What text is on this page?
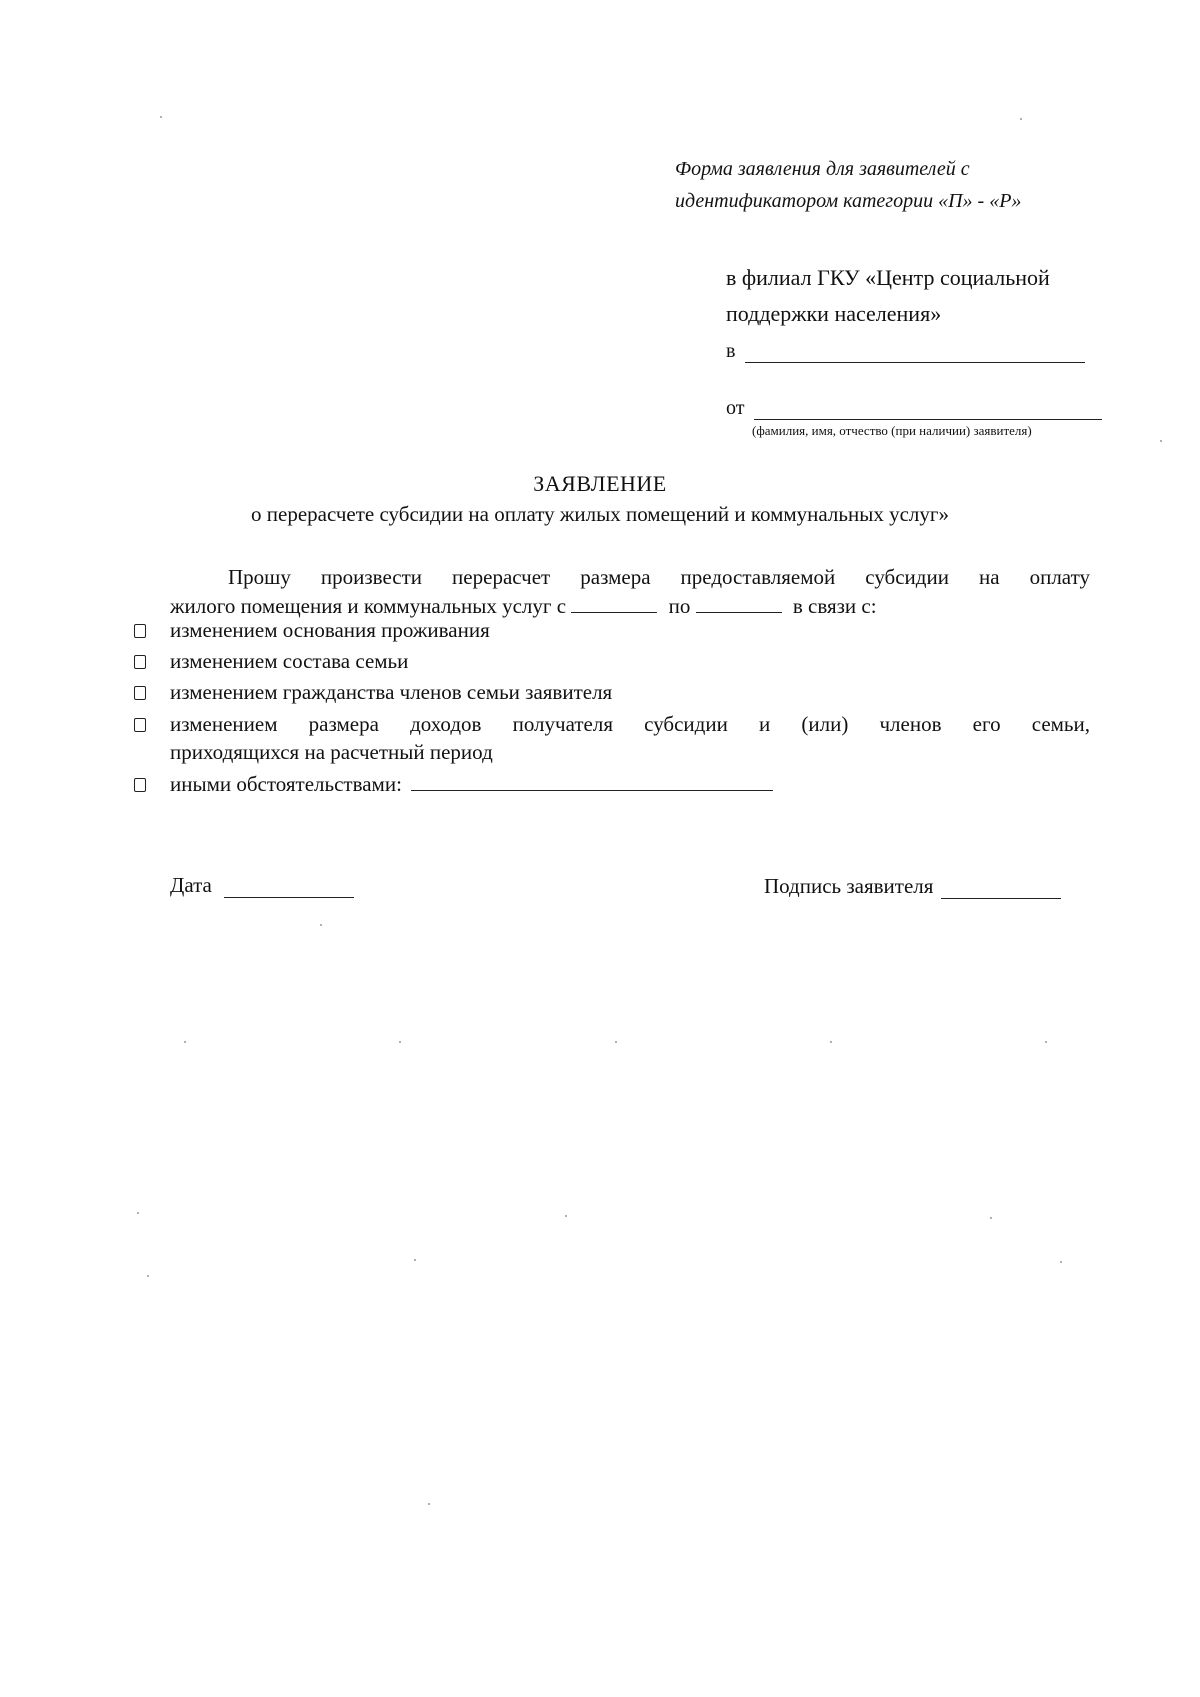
Форма заявления для заявителей с
идентификатором категории «П» - «Р»
в филиал ГКУ «Центр социальной
поддержки населения»
в
от
(фамилия, имя, отчество (при наличии) заявителя)
ЗАЯВЛЕНИЕ
о перерасчете субсидии на оплату жилых помещений и коммунальных услуг»
Прошу произвести перерасчет размера предоставляемой субсидии на оплату
жилого помещения и коммунальных услуг с	по	в связи с:
изменением основания проживания
изменением состава семьи
изменением гражданства членов семьи заявителя
изменением размера доходов получателя субсидии и (или) членов его семьи,
приходящихся на расчетный период
иными обстоятельствами:
Дата	Подпись заявителя
